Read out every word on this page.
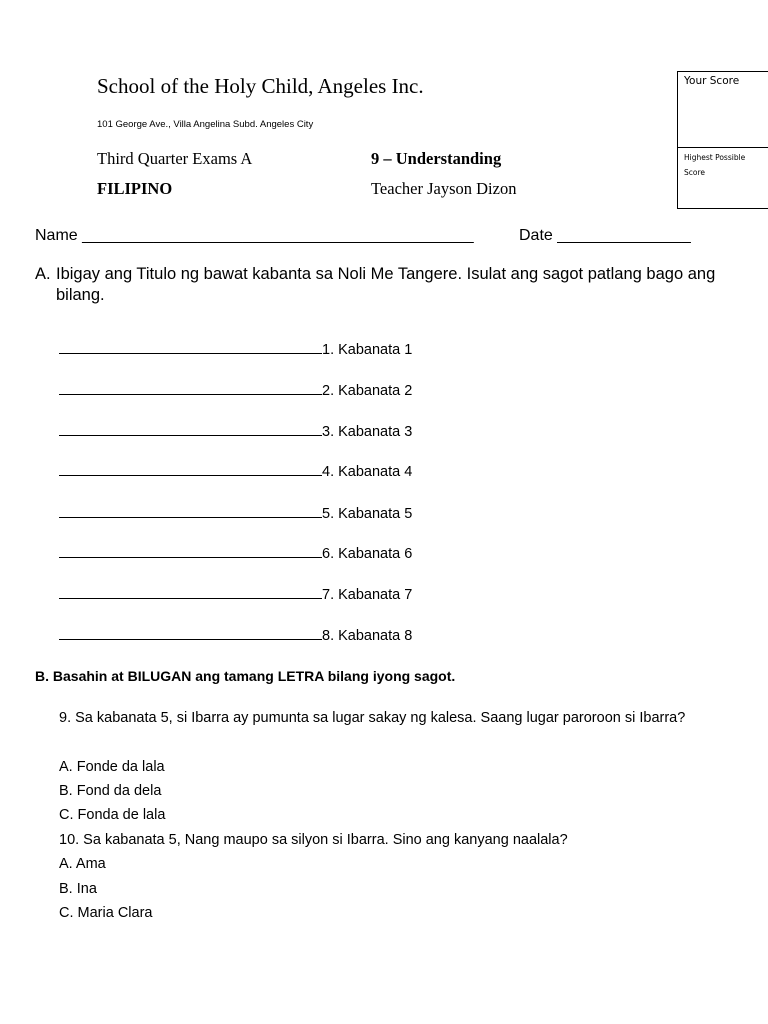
School of the Holy Child, Angeles Inc.
101 George Ave., Villa Angelina Subd. Angeles City
Third Quarter Exams A	9 – Understanding
FILIPINO	Teacher Jayson Dizon
Your Score
Highest Possible Score
Name ____________________________________________	Date _______________
A. Ibigay ang Titulo ng bawat kabanta sa Noli Me Tangere. Isulat ang sagot patlang bago ang bilang.
1. Kabanata 1
2. Kabanata 2
3. Kabanata 3
4. Kabanata 4
5. Kabanata 5
6. Kabanata 6
7. Kabanata 7
8. Kabanata 8
B. Basahin at BILUGAN ang tamang LETRA bilang iyong sagot.
9. Sa kabanata 5, si Ibarra ay pumunta sa lugar sakay ng kalesa. Saang lugar paroroon si Ibarra?
A. Fonde da lala
B. Fond da dela
C. Fonda de lala
10. Sa kabanata 5, Nang maupo sa silyon si Ibarra. Sino ang kanyang naalala?
A. Ama
B. Ina
C. Maria Clara
